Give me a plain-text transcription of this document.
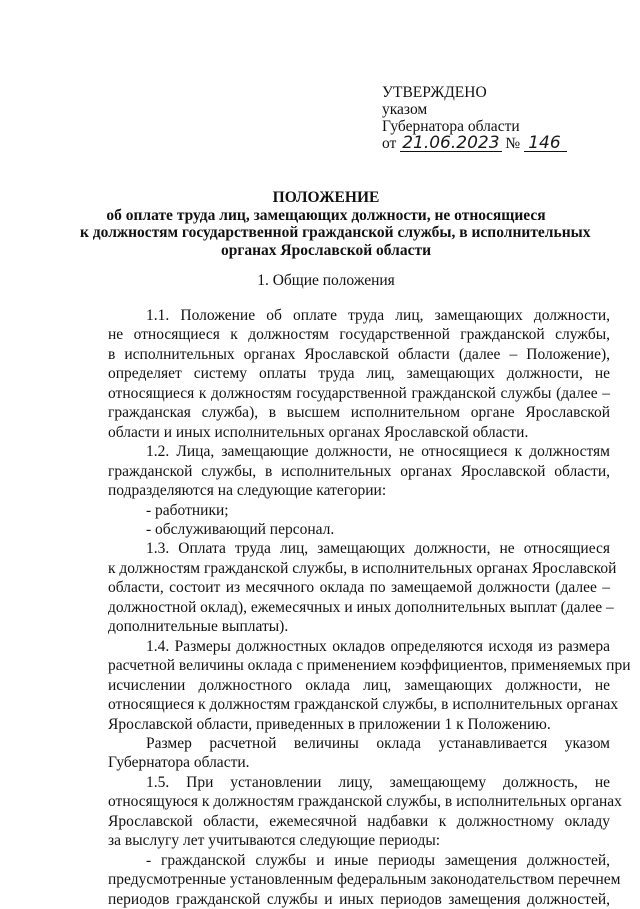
УТВЕРЖДЕНО
указом
Губернатора области
от 21.06.2023 № 146
ПОЛОЖЕНИЕ
об оплате труда лиц, замещающих должности, не относящиеся
к должностям государственной гражданской службы, в исполнительных
органах Ярославской области
1. Общие положения
1.1. Положение об оплате труда лиц, замещающих должности,
не относящиеся к должностям государственной гражданской службы,
в исполнительных органах Ярославской области (далее – Положение),
определяет систему оплаты труда лиц, замещающих должности, не
относящиеся к должностям государственной гражданской службы (далее –
гражданская служба), в высшем исполнительном органе Ярославской
области и иных исполнительных органах Ярославской области.
1.2. Лица, замещающие должности, не относящиеся к должностям
гражданской службы, в исполнительных органах Ярославской области,
подразделяются на следующие категории:
- работники;
- обслуживающий персонал.
1.3. Оплата труда лиц, замещающих должности, не относящиеся
к должностям гражданской службы, в исполнительных органах Ярославской
области, состоит из месячного оклада по замещаемой должности (далее –
должностной оклад), ежемесячных и иных дополнительных выплат (далее –
дополнительные выплаты).
1.4. Размеры должностных окладов определяются исходя из размера
расчетной величины оклада с применением коэффициентов, применяемых при
исчислении должностного оклада лиц, замещающих должности, не
относящиеся к должностям гражданской службы, в исполнительных органах
Ярославской области, приведенных в приложении 1 к Положению.
Размер расчетной величины оклада устанавливается указом
Губернатора области.
1.5. При установлении лицу, замещающему должность, не
относящуюся к должностям гражданской службы, в исполнительных органах
Ярославской области, ежемесячной надбавки к должностному окладу
за выслугу лет учитываются следующие периоды:
- гражданской службы и иные периоды замещения должностей,
предусмотренные установленным федеральным законодательством перечнем
периодов гражданской службы и иных периодов замещения должностей,
